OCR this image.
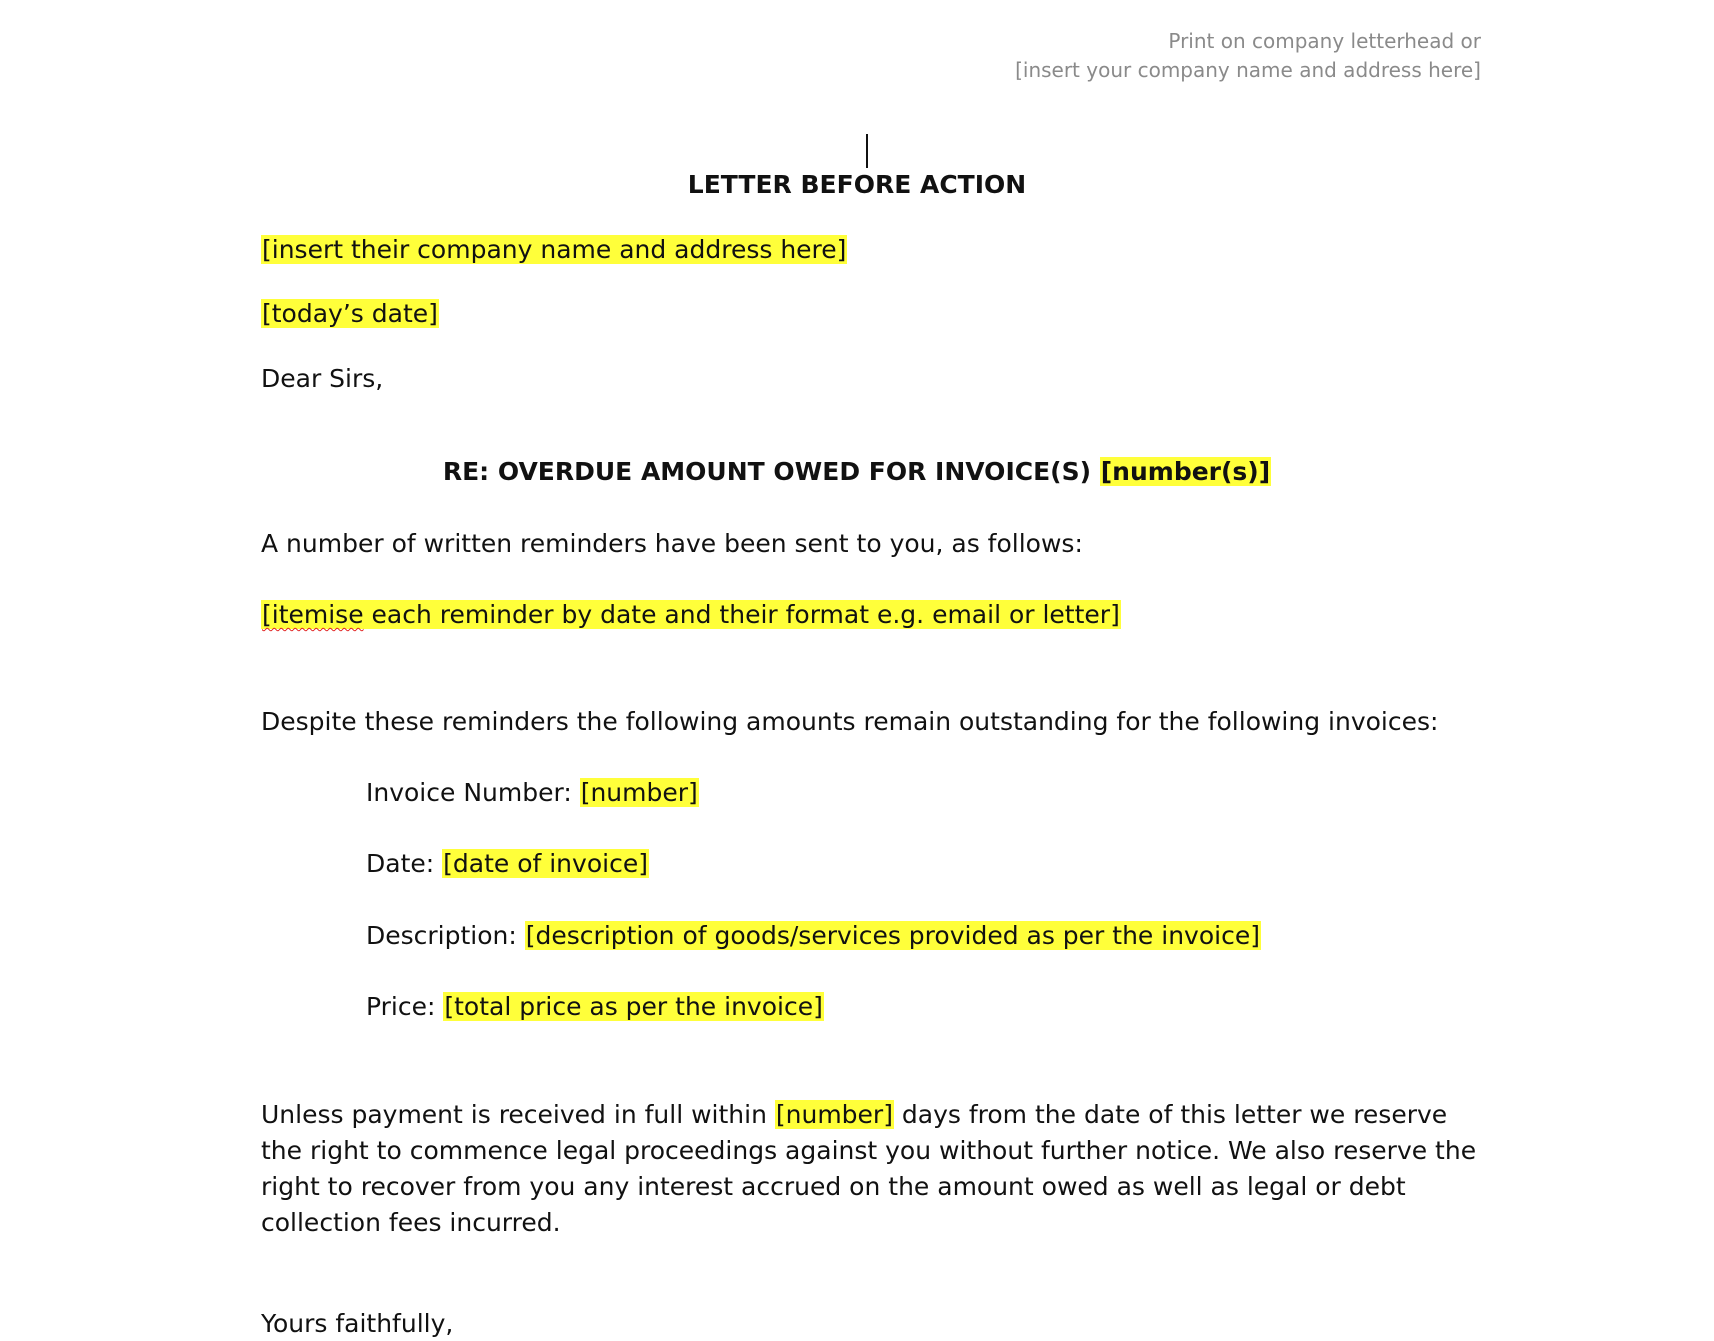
Print on company letterhead or
[insert your company name and address here]
LETTER BEFORE ACTION
[insert their company name and address here]
[today’s date]
Dear Sirs,
RE: OVERDUE AMOUNT OWED FOR INVOICE(S) [number(s)]
A number of written reminders have been sent to you, as follows:
[itemise each reminder by date and their format e.g. email or letter]
Despite these reminders the following amounts remain outstanding for the following invoices:
Invoice Number: [number]
Date: [date of invoice]
Description: [description of goods/services provided as per the invoice]
Price: [total price as per the invoice]
Unless payment is received in full within [number] days from the date of this letter we reserve the right to commence legal proceedings against you without further notice. We also reserve the right to recover from you any interest accrued on the amount owed as well as legal or debt collection fees incurred.
Yours faithfully,
